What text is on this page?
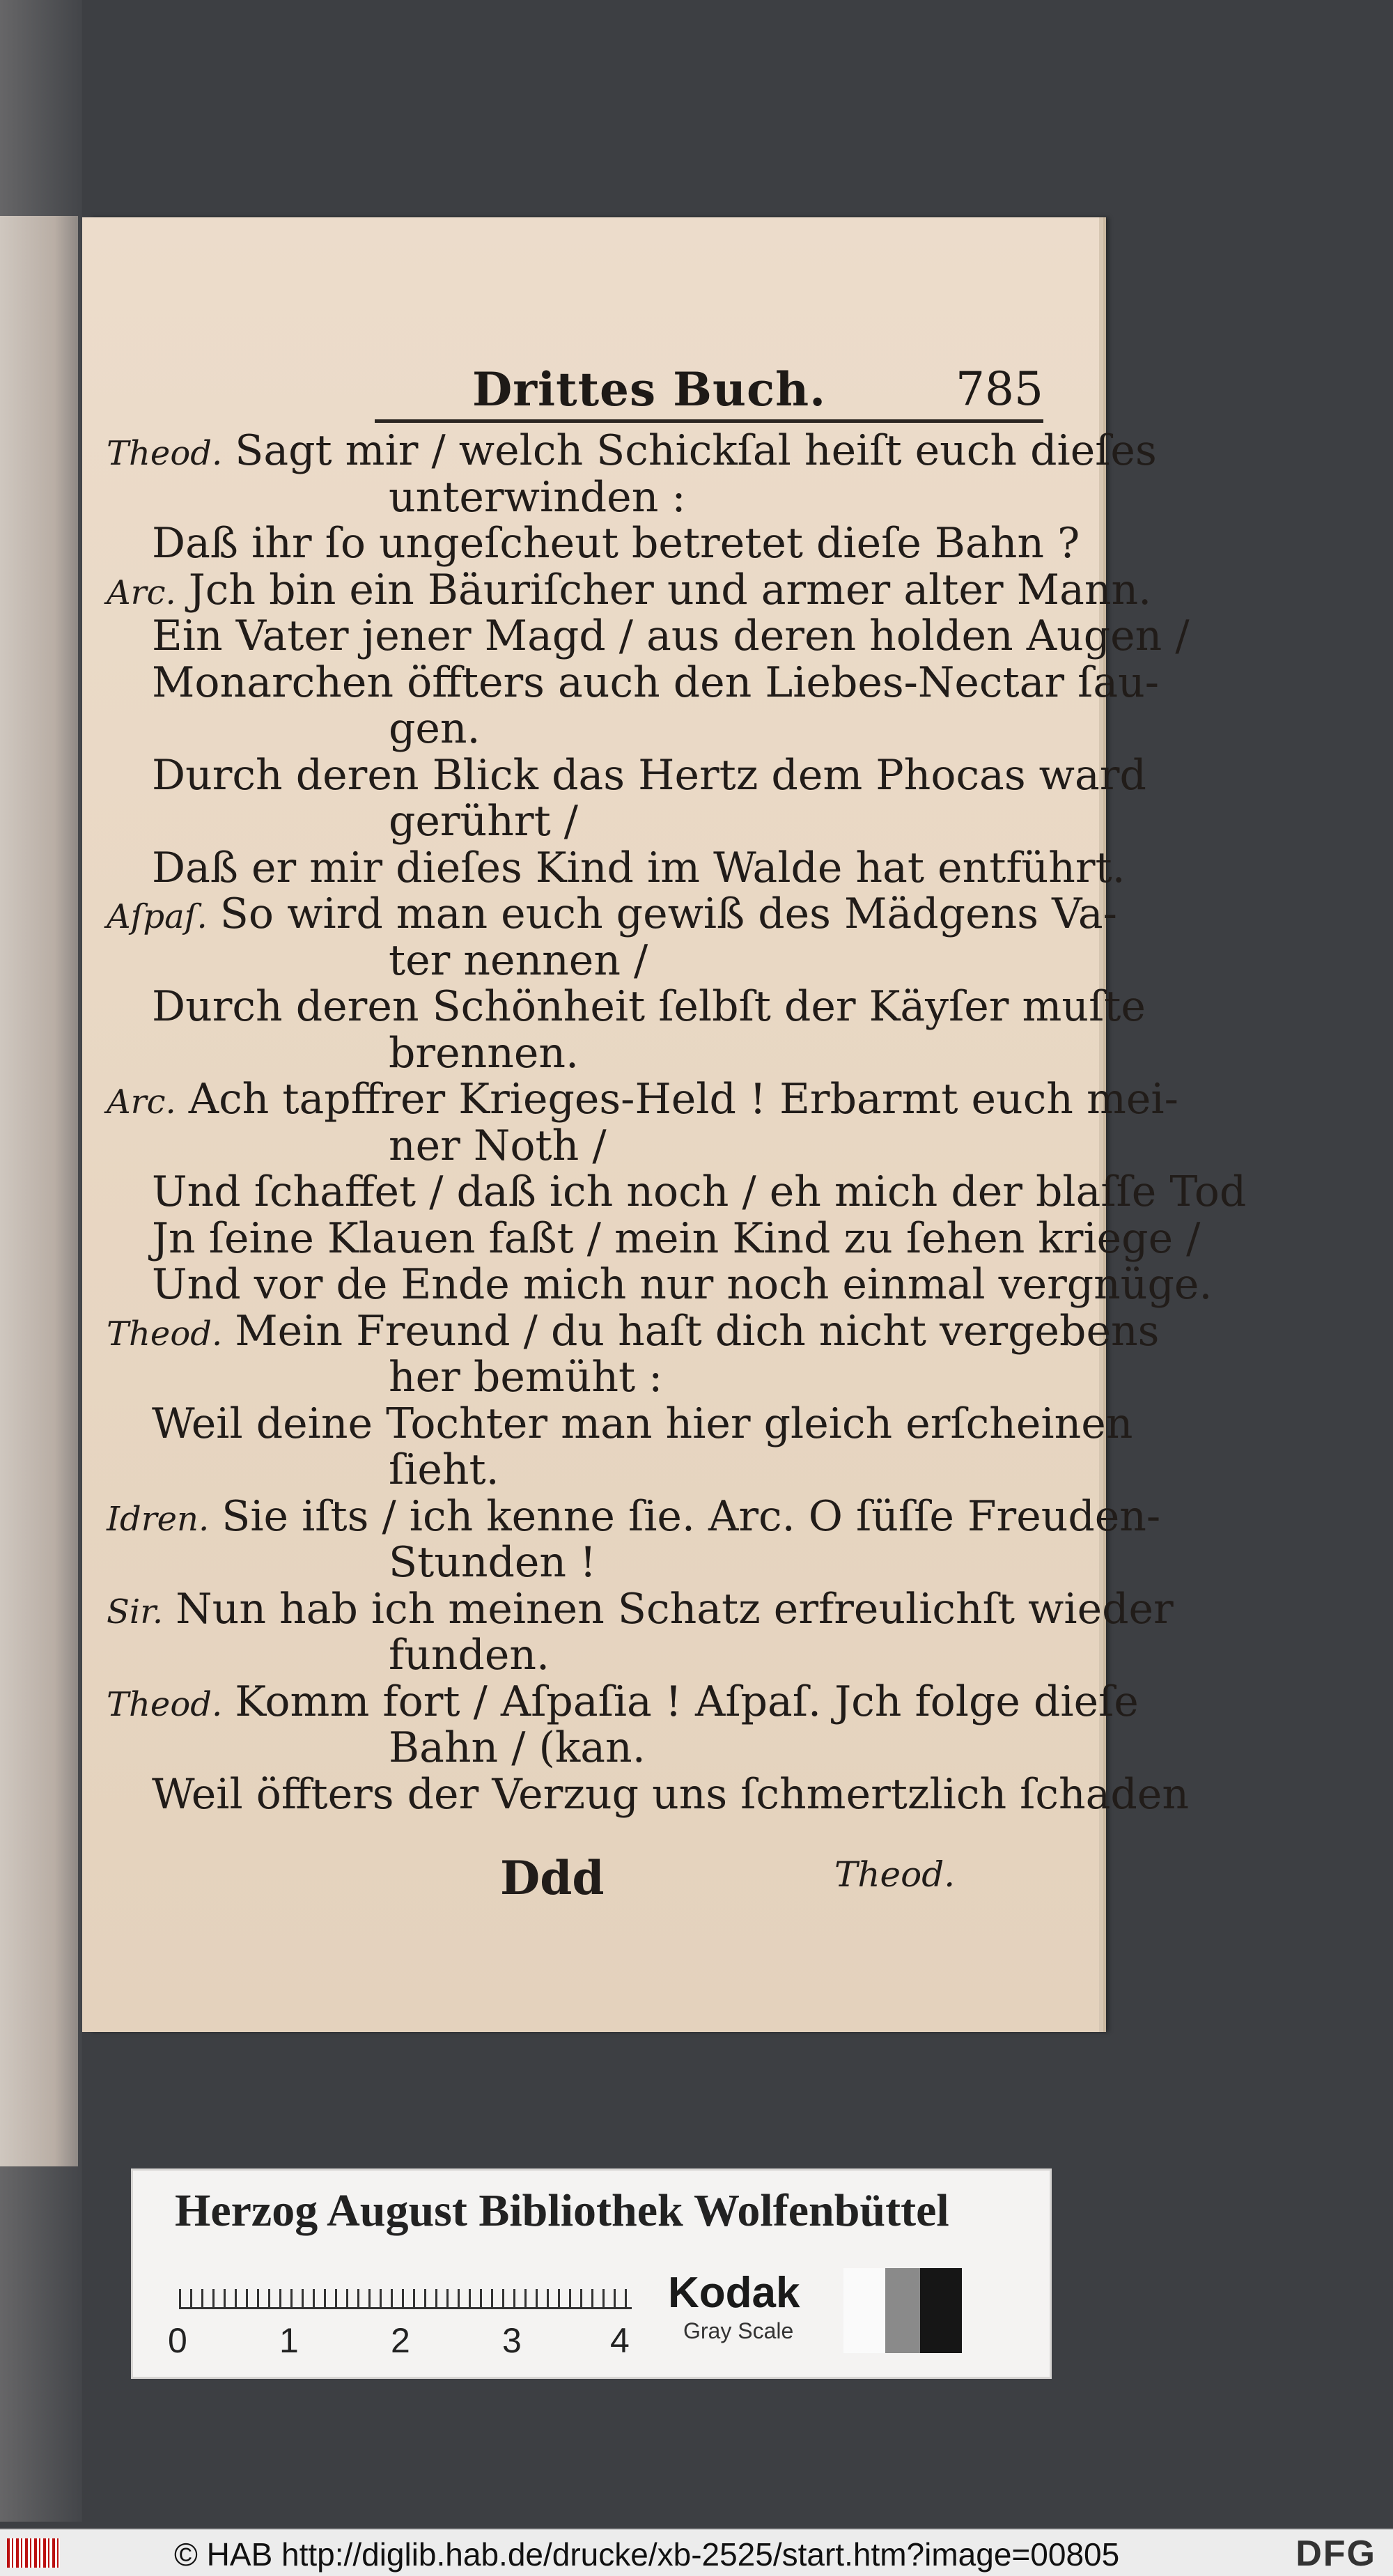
Drittes Buch.	785
Theod. Sagt mir / welch Schickſal heiſt euch dieſes
unterwinden :
Daß ihr ſo ungeſcheut betretet dieſe Bahn ?
Arc. Jch bin ein Bäuriſcher und armer alter Mann.
Ein Vater jener Magd / aus deren holden Augen /
Monarchen öffters auch den Liebes-Nectar ſau-
gen.
Durch deren Blick das Hertz dem Phocas ward
gerührt /
Daß er mir dieſes Kind im Walde hat entführt.
Aſpaſ. So wird man euch gewiß des Mädgens Va-
ter nennen /
Durch deren Schönheit ſelbſt der Käyſer muſte
brennen.
Arc. Ach tapffrer Krieges-Held ! Erbarmt euch mei-
ner Noth /
Und ſchaffet / daß ich noch / eh mich der blaſſe Tod
Jn ſeine Klauen faßt / mein Kind zu ſehen kriege /
Und vor de Ende mich nur noch einmal vergnüge.
Theod. Mein Freund / du haſt dich nicht vergebens
her bemüht :
Weil deine Tochter man hier gleich erſcheinen
ſieht.
Idren. Sie iſts / ich kenne ſie. Arc. O ſüſſe Freuden-
Stunden !
Sir. Nun hab ich meinen Schatz erfreulichſt wieder
funden.
Theod. Komm fort / Aſpaſia ! Aſpaſ. Jch folge dieſe
Bahn / (kan.
Weil öffters der Verzug uns ſchmertzlich ſchaden
Ddd	Theod.
Herzog August Bibliothek Wolfenbüttel
0	1	2	3	4
Kodak
Gray Scale
© HAB http://diglib.hab.de/drucke/xb-2525/start.htm?image=00805	DFG
